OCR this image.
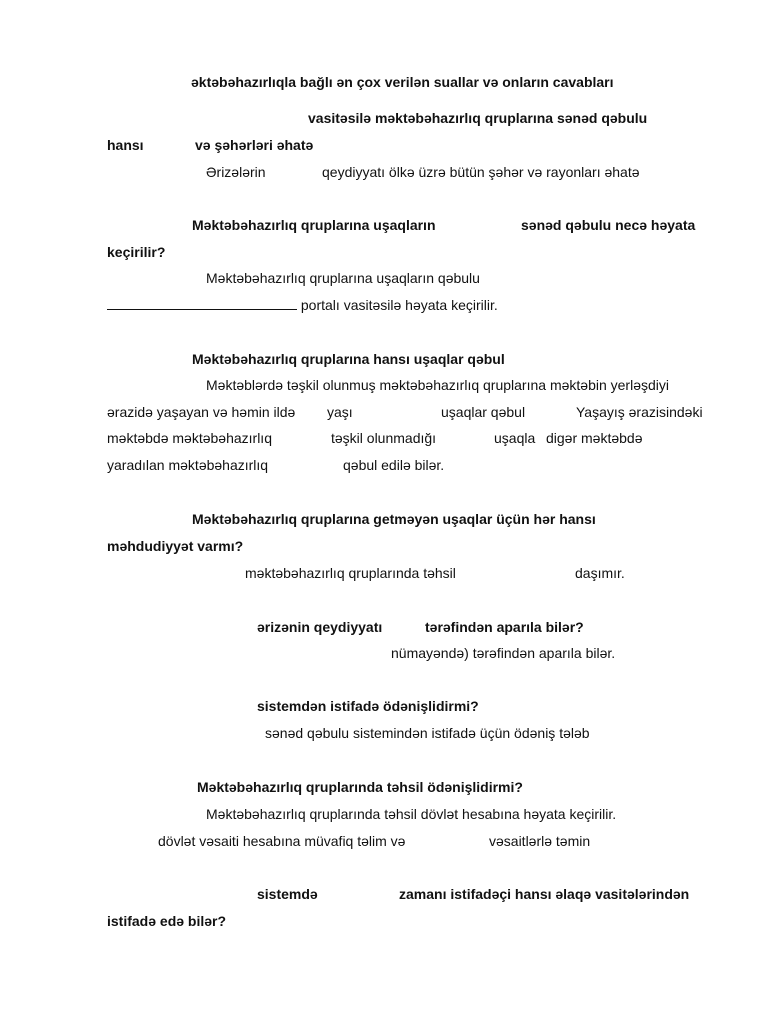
əktəbəhazırlıqla bağlı ən çox verilən suallar və onların cavabları
vasitəsilə məktəbəhazırlıq qruplarına sənəd qəbulu
hansı	və şəhərləri əhatə
Ərizələrin	qeydiyyatı ölkə üzrə bütün şəhər və rayonları əhatə
Məktəbəhazırlıq qruplarına uşaqların	sənəd qəbulu necə həyata
keçirilir?
Məktəbəhazırlıq qruplarına uşaqların qəbulu
portalı vasitəsilə həyata keçirilir.
Məktəbəhazırlıq qruplarına hansı uşaqlar qəbul
Məktəblərdə təşkil olunmuş məktəbəhazırlıq qruplarına məktəbin yerləşdiyi
ərazidə yaşayan və həmin ildə yaşı	uşaqlar qəbul	Yaşayış ərazisindəki
məktəbdə məktəbəhazırlıq	təşkil olunmadığı	uşaqla digər məktəbdə
yaradılan məktəbəhazırlıq	qəbul edilə bilər.
Məktəbəhazırlıq qruplarına getməyən uşaqlar üçün hər hansı
məhdudiyyət varmı?
məktəbəhazırlıq qruplarında təhsil	daşımır.
ərizənin qeydiyyatı	tərəfindən aparıla bilər?
nümayəndə) tərəfindən aparıla bilər.
sistemdən istifadə ödənişlidirmi?
sənəd qəbulu sistemindən istifadə üçün ödəniş tələb
Məktəbəhazırlıq qruplarında təhsil ödənişlidirmi?
Məktəbəhazırlıq qruplarında təhsil dövlət hesabına həyata keçirilir.
dövlət vəsaiti hesabına müvafiq təlim və	vəsaitlərlə təmin
sistemdə	zamanı istifadəçi hansı əlaqə vasitələrindən
istifadə edə bilər?
